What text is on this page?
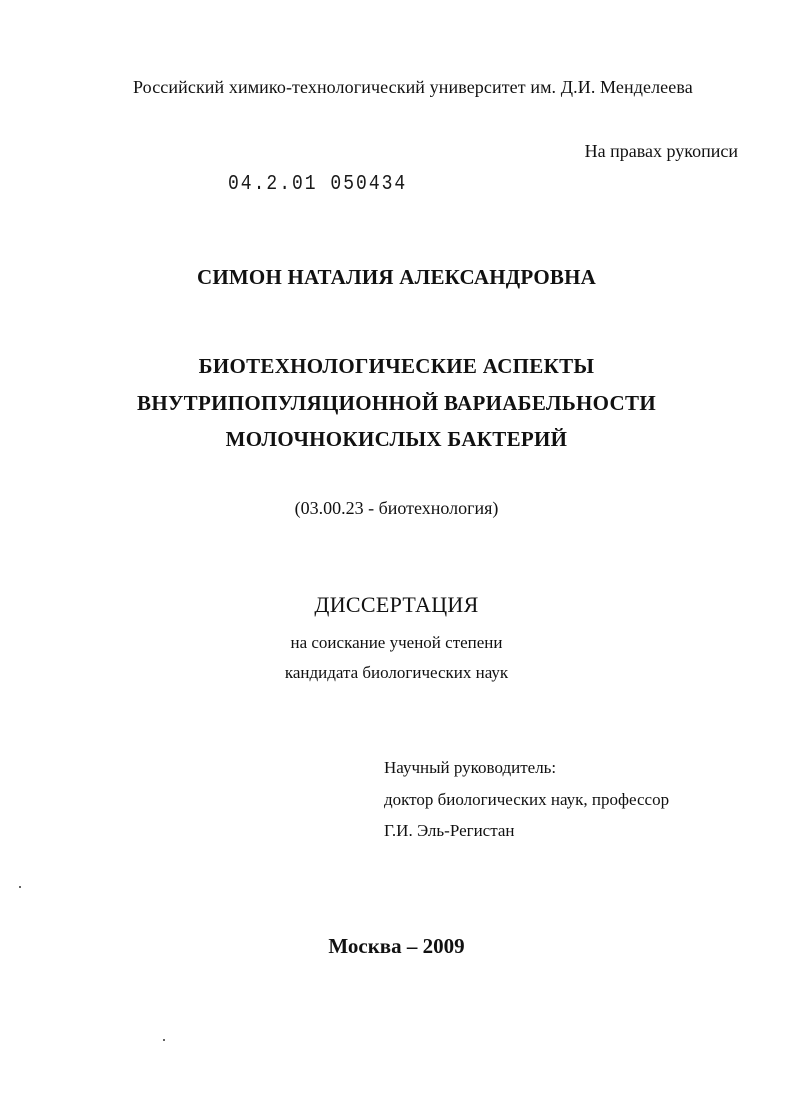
Российский химико-технологический университет им. Д.И. Менделеева
На правах рукописи
04.2.01 050434
СИМОН НАТАЛИЯ АЛЕКСАНДРОВНА
БИОТЕХНОЛОГИЧЕСКИЕ АСПЕКТЫ
ВНУТРИПОПУЛЯЦИОННОЙ ВАРИАБЕЛЬНОСТИ
МОЛОЧНОКИСЛЫХ БАКТЕРИЙ
(03.00.23 - биотехнология)
ДИССЕРТАЦИЯ
на соискание ученой степени
кандидата биологических наук
Научный руководитель:
доктор биологических наук, профессор
Г.И. Эль-Регистан
Москва – 2009
